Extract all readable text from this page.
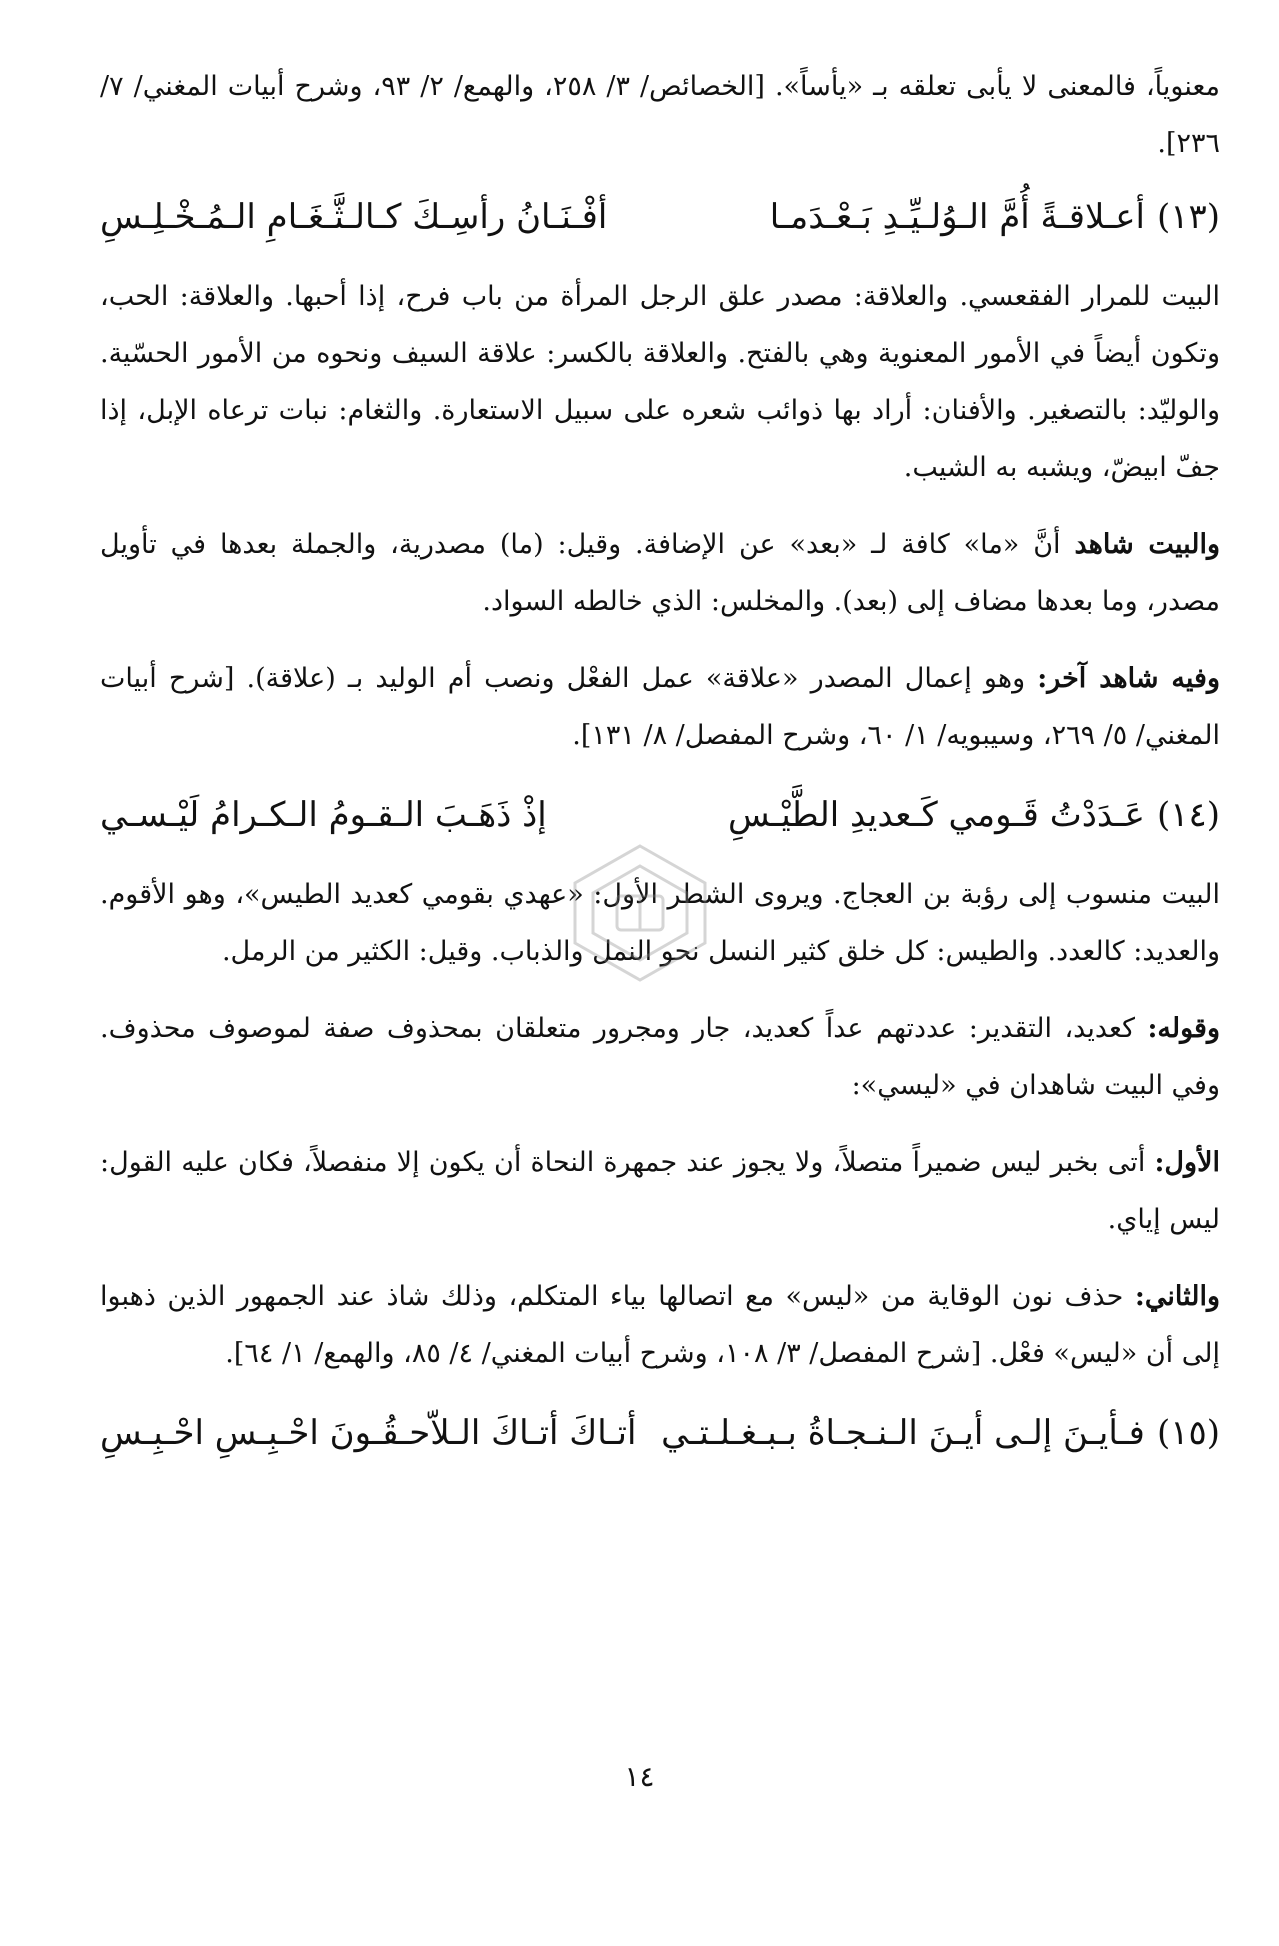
معنوياً، فالمعنى لا يأبى تعلقه بـ «يأساً». [الخصائص/ ٣/ ٢٥٨، والهمع/ ٢/ ٩٣، وشرح أبيات المغني/ ٧/ ٢٣٦].

(١٣)
أعـلاقـةً أُمَّ الـوُلـيِّـدِ بَـعْـدَمـا
أفْـنَـانُ رأسِـكَ كـالـثَّـغَـامِ الـمُـخْـلِـسِ

البيت للمرار الفقعسي. والعلاقة: مصدر علق الرجل المرأة من باب فرح، إذا أحبها. والعلاقة: الحب، وتكون أيضاً في الأمور المعنوية وهي بالفتح. والعلاقة بالكسر: علاقة السيف ونحوه من الأمور الحسّية. والوليّد: بالتصغير. والأفنان: أراد بها ذوائب شعره على سبيل الاستعارة. والثغام: نبات ترعاه الإبل، إذا جفّ ابيضّ، ويشبه به الشيب.

والبيت شاهد أنَّ «ما» كافة لـ «بعد» عن الإضافة. وقيل: (ما) مصدرية، والجملة بعدها في تأويل مصدر، وما بعدها مضاف إلى (بعد). والمخلس: الذي خالطه السواد.

وفيه شاهد آخر: وهو إعمال المصدر «علاقة» عمل الفعْل ونصب أم الوليد بـ (علاقة). [شرح أبيات المغني/ ٥/ ٢٦٩، وسيبويه/ ١/ ٦٠، وشرح المفصل/ ٨/ ١٣١].

(١٤)
عَـدَدْتُ قَـومي كَـعديدِ الطَّيْـسِ
إذْ ذَهَـبَ الـقـومُ الـكـرامُ لَيْـسـي

البيت منسوب إلى رؤبة بن العجاج. ويروى الشطر الأول: «عهدي بقومي كعديد الطيس»، وهو الأقوم. والعديد: كالعدد. والطيس: كل خلق كثير النسل نحو النمل والذباب. وقيل: الكثير من الرمل.

وقوله: كعديد، التقدير: عددتهم عداً كعديد، جار ومجرور متعلقان بمحذوف صفة لموصوف محذوف. وفي البيت شاهدان في «ليسي»:

الأول: أتى بخبر ليس ضميراً متصلاً، ولا يجوز عند جمهرة النحاة أن يكون إلا منفصلاً، فكان عليه القول: ليس إياي.

والثاني: حذف نون الوقاية من «ليس» مع اتصالها بياء المتكلم، وذلك شاذ عند الجمهور الذين ذهبوا إلى أن «ليس» فعْل. [شرح المفصل/ ٣/ ١٠٨، وشرح أبيات المغني/ ٤/ ٨٥، والهمع/ ١/ ٦٤].

(١٥)
فـأيـنَ إلـى أيـنَ الـنـجـاةُ بـبـغـلـتـي
أتـاكَ أتـاكَ الـلاّحـقُـونَ احْـبِـسِ احْـبِـسِ
١٤
